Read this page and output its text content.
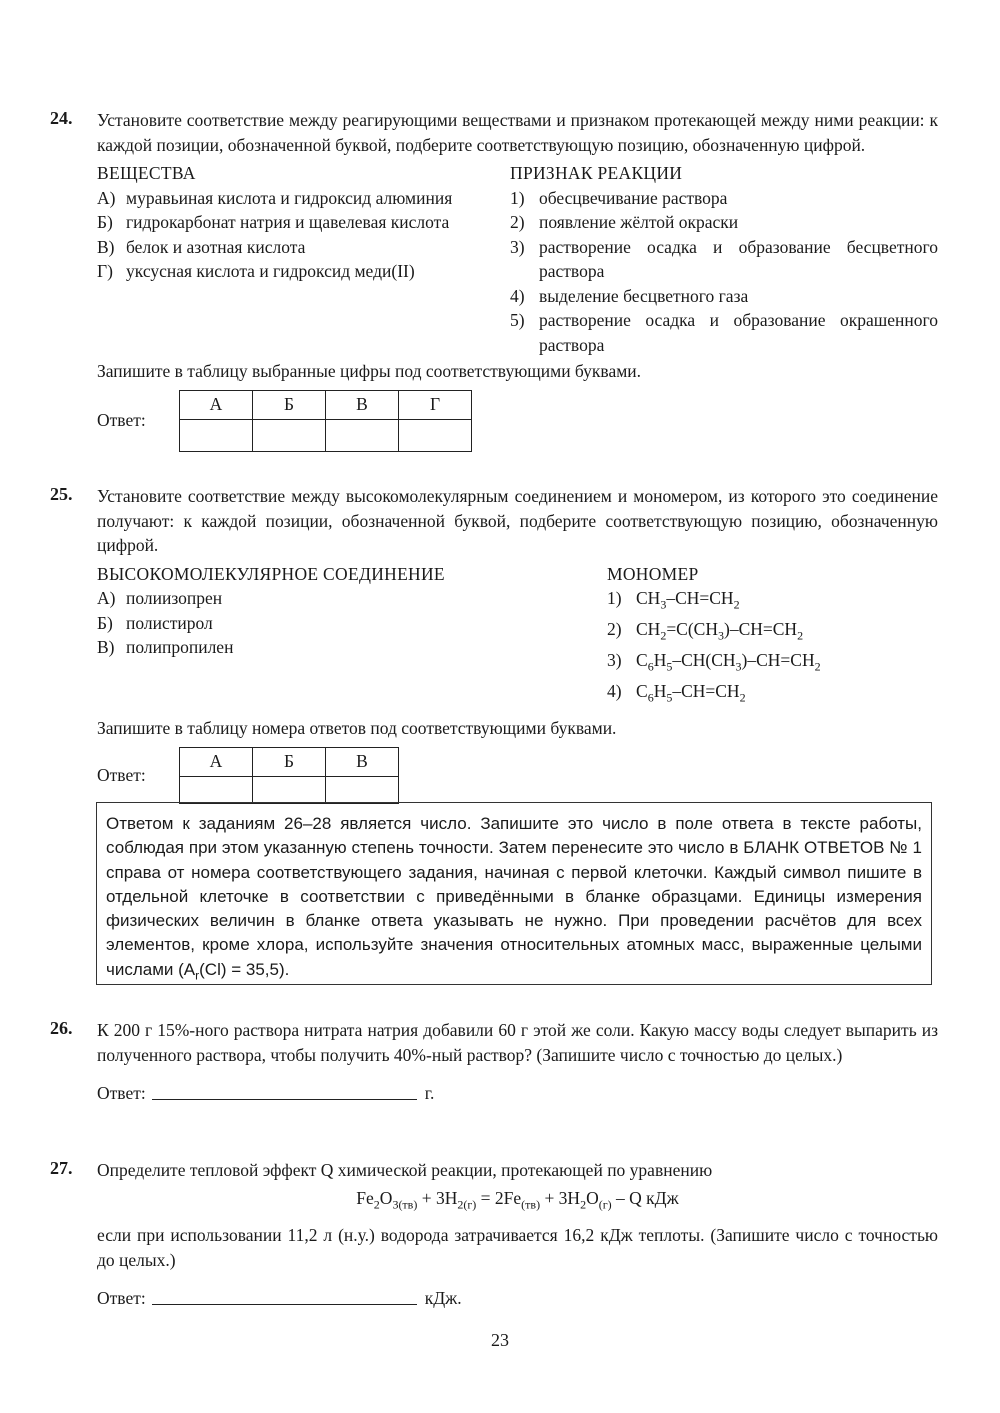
24. Установите соответствие между реагирующими веществами и признаком протекающей между ними реакции: к каждой позиции, обозначенной буквой, подберите соответствующую позицию, обозначенную цифрой.

ВЕЩЕСТВА

А) муравьиная кислота и гидроксид алюминия
Б) гидрокарбонат натрия и щавелевая кислота
В) белок и азотная кислота
Г) уксусная кислота и гидроксид меди(II)

ПРИЗНАК РЕАКЦИИ

1) обесцвечивание раствора
2) появление жёлтой окраски
3) растворение осадка и образование бесцветного раствора
4) выделение бесцветного газа
5) растворение осадка и образование окрашенного раствора

Запишите в таблицу выбранные цифры под соответствующими буквами.

Ответ:
А	Б	В	Г

25. Установите соответствие между высокомолекулярным соединением и мономером, из которого это соединение получают: к каждой позиции, обозначенной буквой, подберите соответствующую позицию, обозначенную цифрой.

ВЫСОКОМОЛЕКУЛЯРНОЕ СОЕДИНЕНИЕ

А) полиизопрен
Б) полистирол
В) полипропилен

МОНОМЕР

1) $CH_3-CH=CH_2$
2) $CH_2=C(CH_3)-CH=CH_2$
3) $C_6H_5-CH(CH_3)-CH=CH_2$
4) $C_6H_5-CH=CH_2$

Запишите в таблицу номера ответов под соответствующими буквами.

Ответ:
А	Б	В

Ответом к заданиям 26–28 является число. Запишите это число в поле ответа в тексте работы, соблюдая при этом указанную степень точности. Затем перенесите это число в БЛАНК ОТВЕТОВ № 1 справа от номера соответствующего задания, начиная с первой клеточки. Каждый символ пишите в отдельной клеточке в соответствии с приведёнными в бланке образцами. Единицы измерения физических величин в бланке ответа указывать не нужно. При проведении расчётов для всех элементов, кроме хлора, используйте значения относительных атомных масс, выраженные целыми числами $(A_r(Cl) = 35,5)$.
26. К 200 г 15%-ного раствора нитрата натрия добавили 60 г этой же соли. Какую массу воды следует выпарить из полученного раствора, чтобы получить 40%-ный раствор? (Запишите число с точностью до целых.)

Ответ:	г.
27. Определите тепловой эффект Q химической реакции, протекающей по уравнению

$Fe_2O_{3(тв)} + 3H_{2(г)} = 2Fe_{(тв)} + 3H_2O_{(г)} - Q$ кДж

если при использовании 11,2 л (н.у.) водорода затрачивается 16,2 кДж теплоты. (Запишите число с точностью до целых.)

Ответ:	кДж.
23
